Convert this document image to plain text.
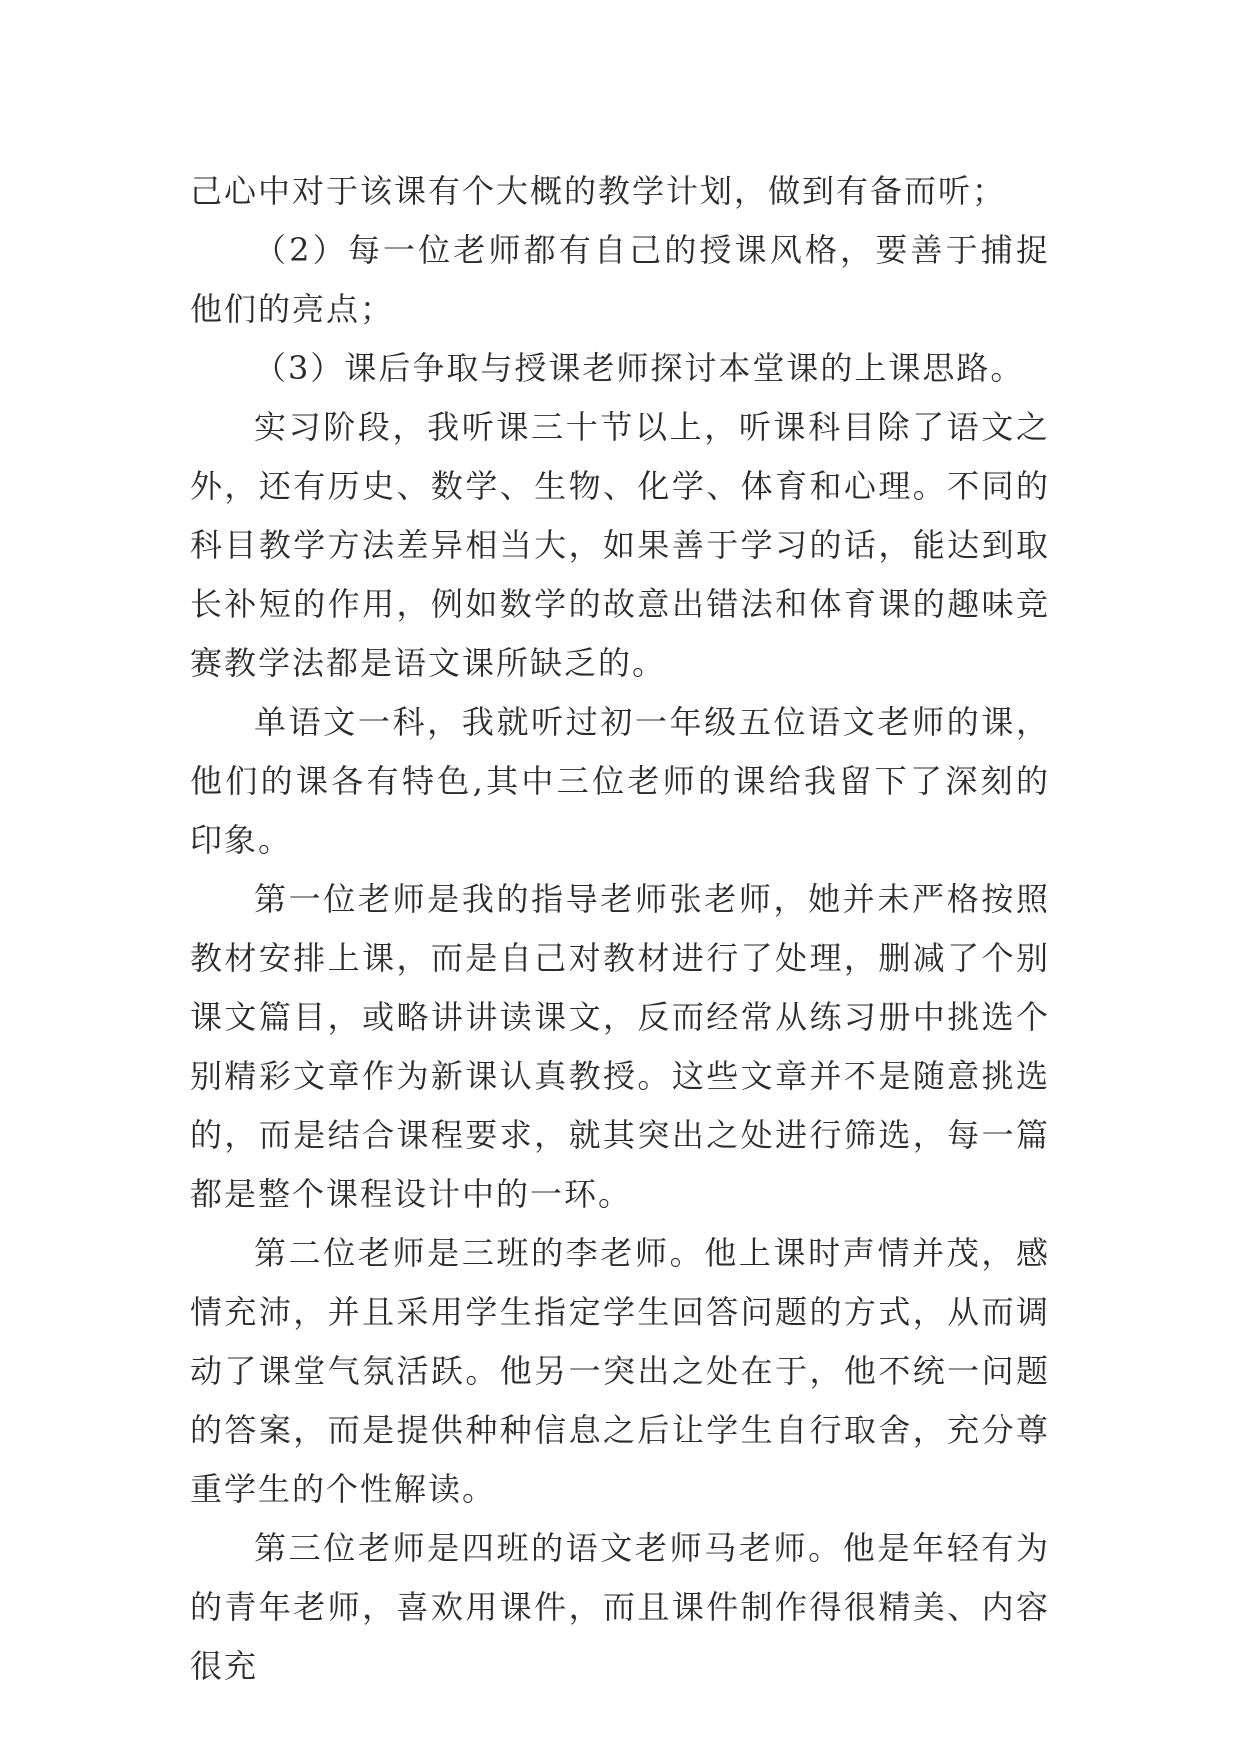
己心中对于该课有个大概的教学计划，做到有备而听；

（2）每一位老师都有自己的授课风格，要善于捕捉他们的亮点；

（3）课后争取与授课老师探讨本堂课的上课思路。

实习阶段，我听课三十节以上，听课科目除了语文之外，还有历史、数学、生物、化学、体育和心理。不同的科目教学方法差异相当大，如果善于学习的话，能达到取长补短的作用，例如数学的故意出错法和体育课的趣味竞赛教学法都是语文课所缺乏的。

单语文一科，我就听过初一年级五位语文老师的课，他们的课各有特色,其中三位老师的课给我留下了深刻的印象。

第一位老师是我的指导老师张老师，她并未严格按照教材安排上课，而是自己对教材进行了处理，删减了个别课文篇目，或略讲讲读课文，反而经常从练习册中挑选个别精彩文章作为新课认真教授。这些文章并不是随意挑选的，而是结合课程要求，就其突出之处进行筛选，每一篇都是整个课程设计中的一环。

第二位老师是三班的李老师。他上课时声情并茂，感情充沛，并且采用学生指定学生回答问题的方式，从而调动了课堂气氛活跃。他另一突出之处在于，他不统一问题的答案，而是提供种种信息之后让学生自行取舍，充分尊重学生的个性解读。

第三位老师是四班的语文老师马老师。他是年轻有为的青年老师，喜欢用课件，而且课件制作得很精美、内容很充
